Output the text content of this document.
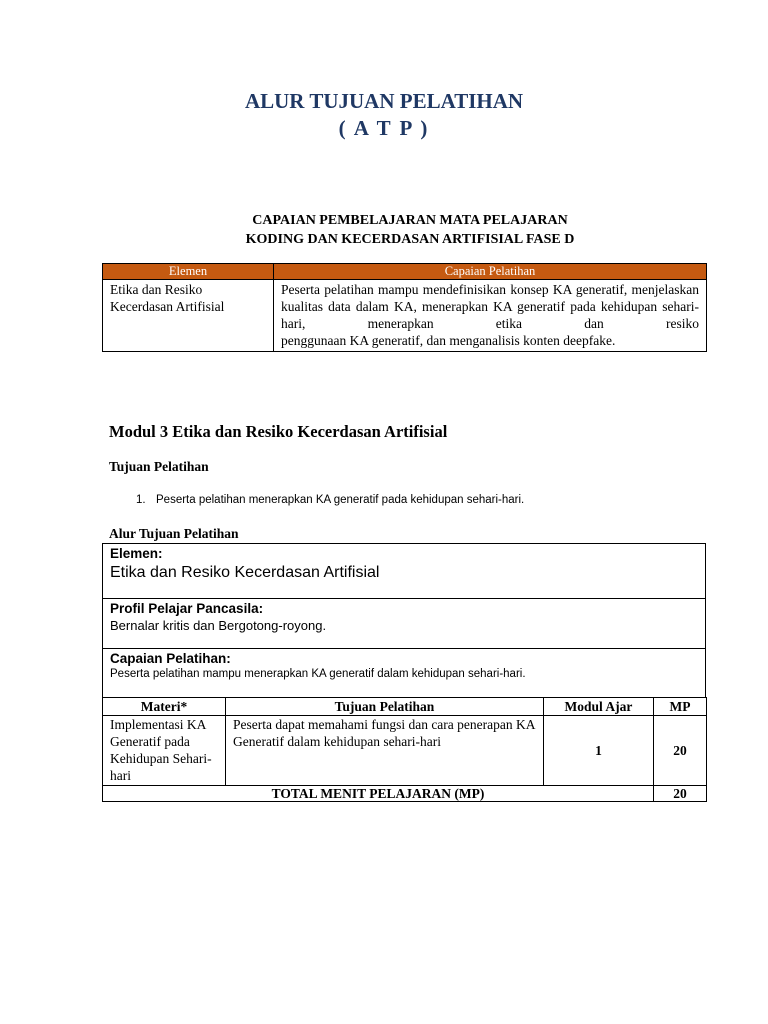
ALUR TUJUAN PELATIHAN
( A T P )
CAPAIAN PEMBELAJARAN MATA PELAJARAN
KODING DAN KECERDASAN ARTIFISIAL FASE D
Elemen	Capaian Pelatihan
Etika dan Resiko Kecerdasan Artifisial	Peserta pelatihan mampu mendefinisikan konsep KA generatif, menjelaskan kualitas data dalam KA, menerapkan KA generatif pada kehidupan sehari-hari, menerapkan etika dan resiko
penggunaan KA generatif, dan menganalisis konten deepfake.
Modul 3 Etika dan Resiko Kecerdasan Artifisial
Tujuan Pelatihan
1. Peserta pelatihan menerapkan KA generatif pada kehidupan sehari-hari.
Alur Tujuan Pelatihan
Elemen:
Etika dan Resiko Kecerdasan Artifisial
Profil Pelajar Pancasila:
Bernalar kritis dan Bergotong-royong.
Capaian Pelatihan:
Peserta pelatihan mampu menerapkan KA generatif dalam kehidupan sehari-hari.
Materi*	Tujuan Pelatihan	Modul Ajar	MP
Implementasi KA Generatif pada Kehidupan Sehari-hari	Peserta dapat memahami fungsi dan cara penerapan KA Generatif dalam kehidupan sehari-hari	1	20
TOTAL MENIT PELAJARAN (MP)			20
